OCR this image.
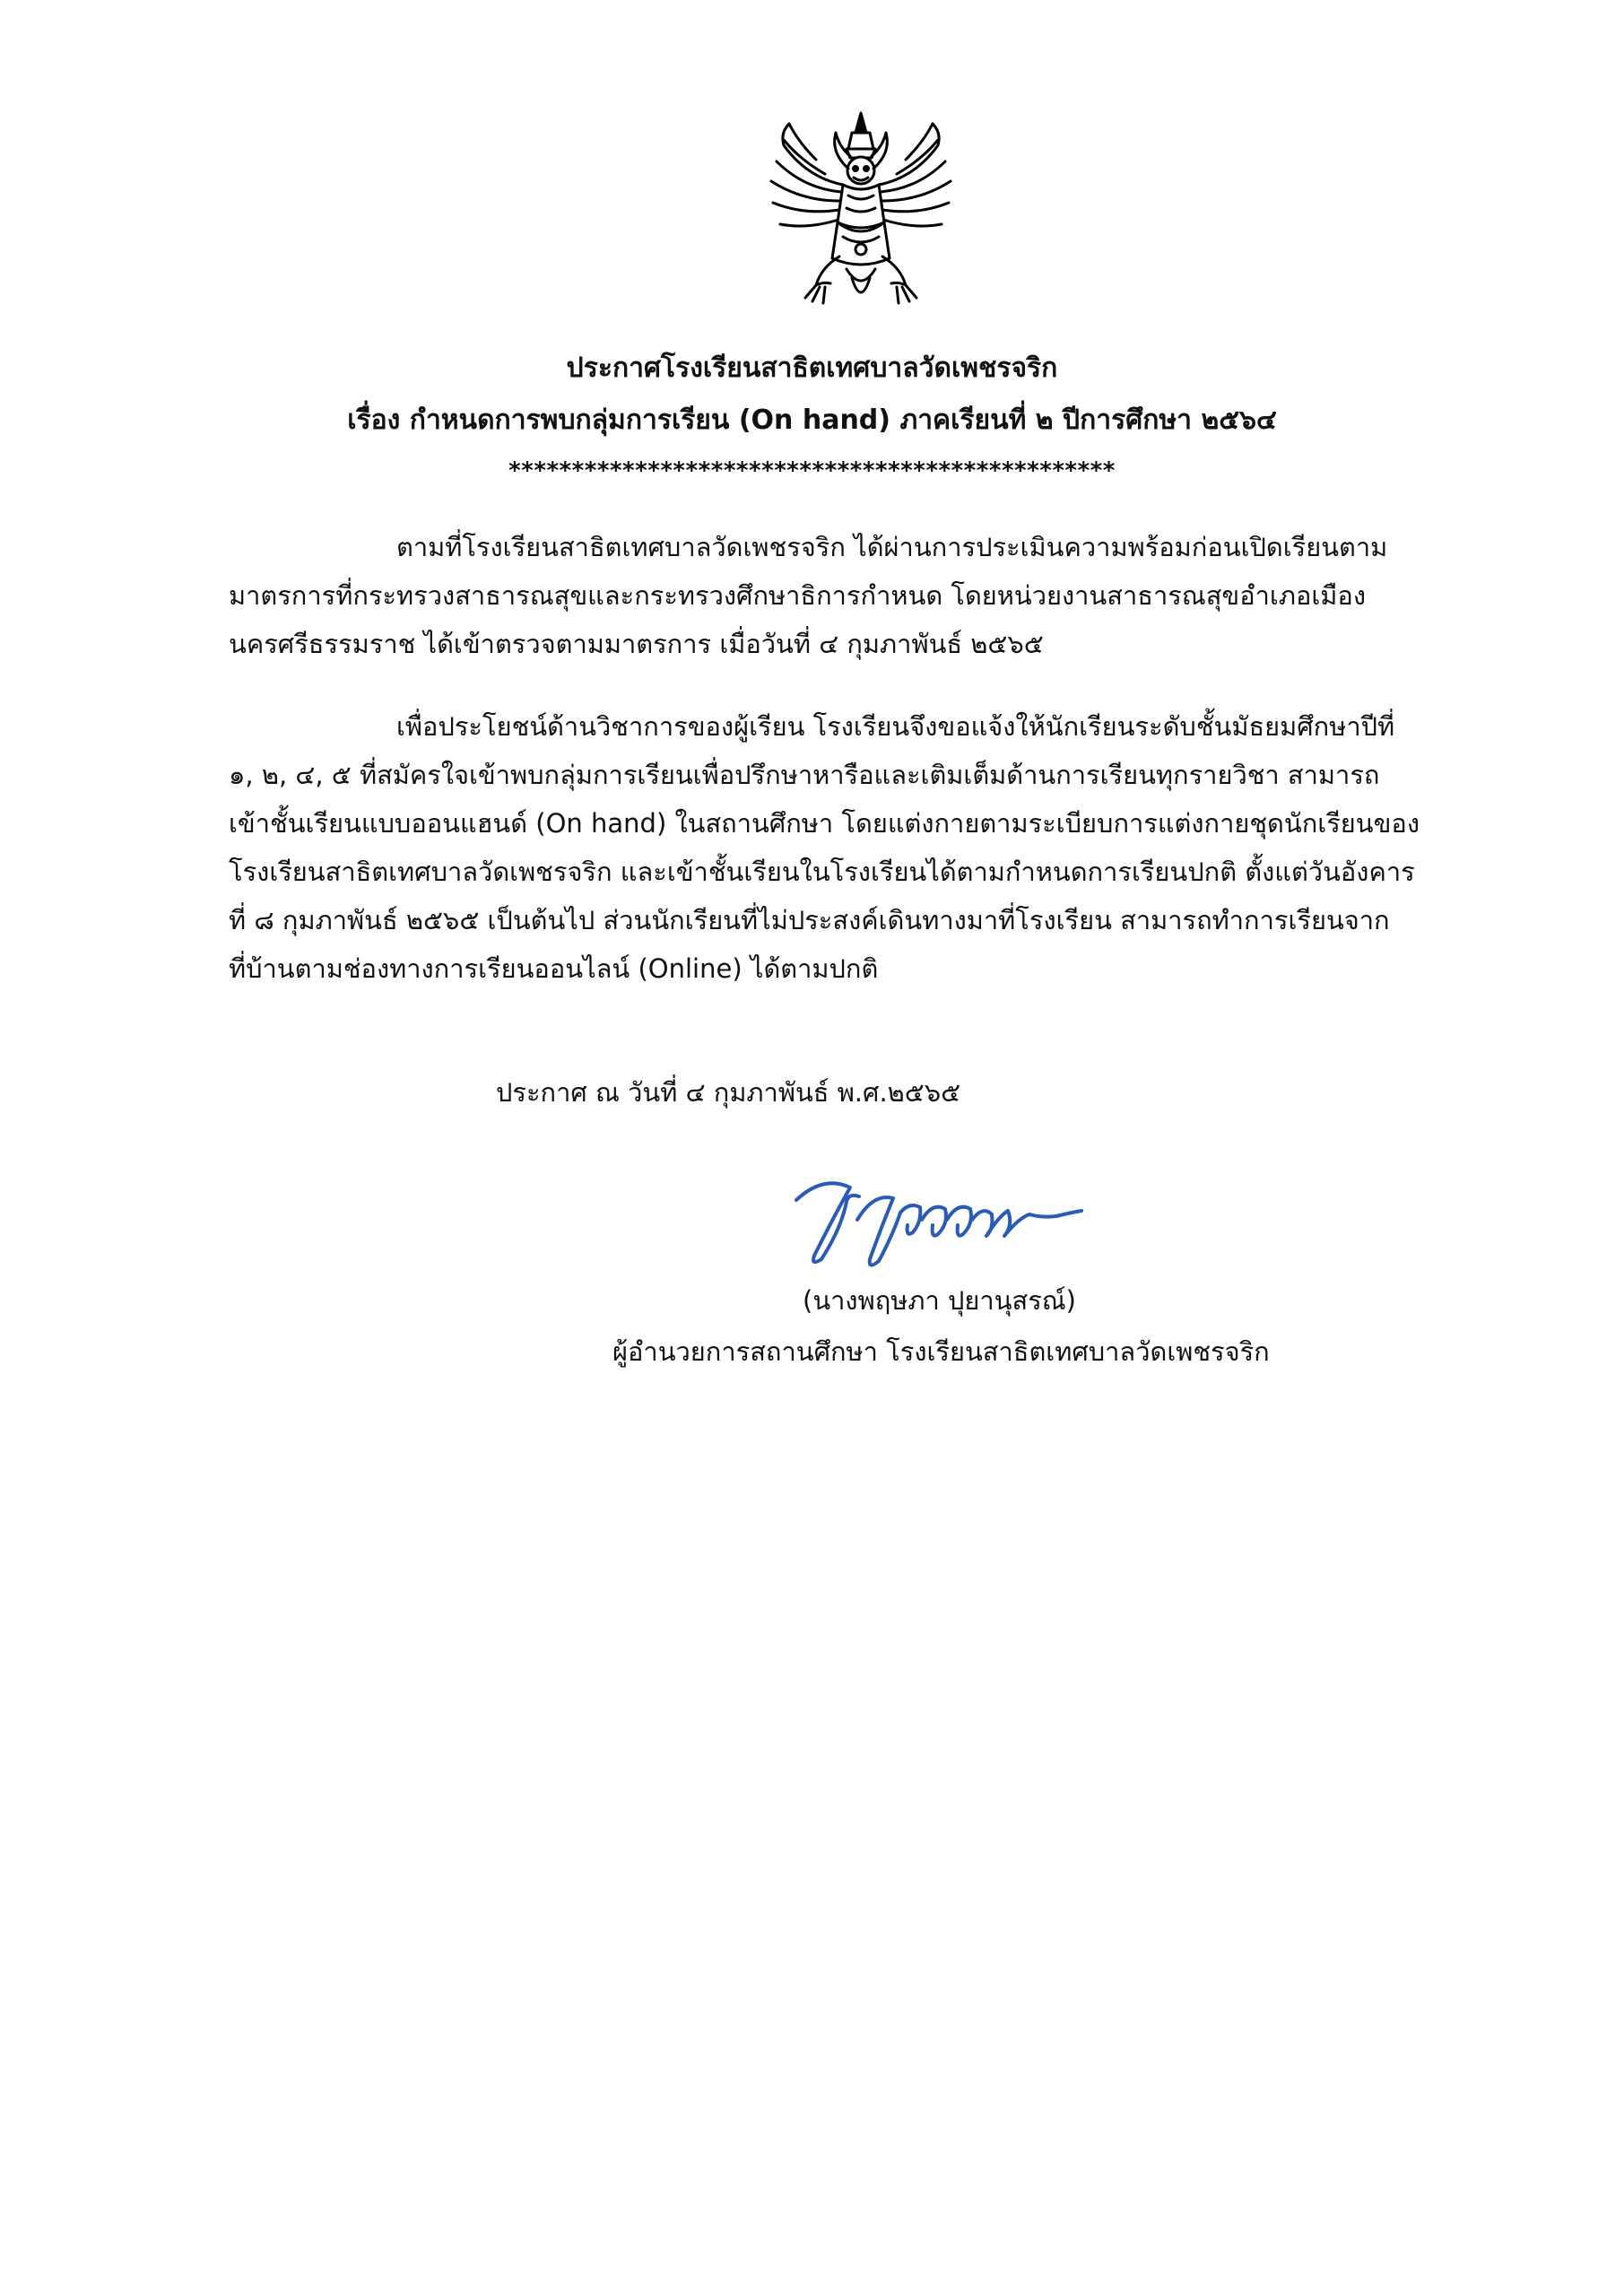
ประกาศโรงเรียนสาธิตเทศบาลวัดเพชรจริก
เรื่อง กำหนดการพบกลุ่มการเรียน (On hand) ภาคเรียนที่ ๒ ปีการศึกษา ๒๕๖๔
************************************************
ตามที่โรงเรียนสาธิตเทศบาลวัดเพชรจริก ได้ผ่านการประเมินความพร้อมก่อนเปิดเรียนตาม
มาตรการที่กระทรวงสาธารณสุขและกระทรวงศึกษาธิการกำหนด โดยหน่วยงานสาธารณสุขอำเภอเมือง
นครศรีธรรมราช ได้เข้าตรวจตามมาตรการ เมื่อวันที่ ๔ กุมภาพันธ์ ๒๕๖๕
เพื่อประโยชน์ด้านวิชาการของผู้เรียน โรงเรียนจึงขอแจ้งให้นักเรียนระดับชั้นมัธยมศึกษาปีที่
๑, ๒, ๔, ๕ ที่สมัครใจเข้าพบกลุ่มการเรียนเพื่อปรึกษาหารือและเติมเต็มด้านการเรียนทุกรายวิชา สามารถ
เข้าชั้นเรียนแบบออนแฮนด์ (On hand) ในสถานศึกษา โดยแต่งกายตามระเบียบการแต่งกายชุดนักเรียนของ
โรงเรียนสาธิตเทศบาลวัดเพชรจริก และเข้าชั้นเรียนในโรงเรียนได้ตามกำหนดการเรียนปกติ ตั้งแต่วันอังคาร
ที่ ๘ กุมภาพันธ์ ๒๕๖๕ เป็นต้นไป ส่วนนักเรียนที่ไม่ประสงค์เดินทางมาที่โรงเรียน สามารถทำการเรียนจาก
ที่บ้านตามช่องทางการเรียนออนไลน์ (Online) ได้ตามปกติ
ประกาศ ณ วันที่ ๔ กุมภาพันธ์ พ.ศ.๒๕๖๕
(นางพฤษภา ปุยานุสรณ์)
ผู้อำนวยการสถานศึกษา โรงเรียนสาธิตเทศบาลวัดเพชรจริก
